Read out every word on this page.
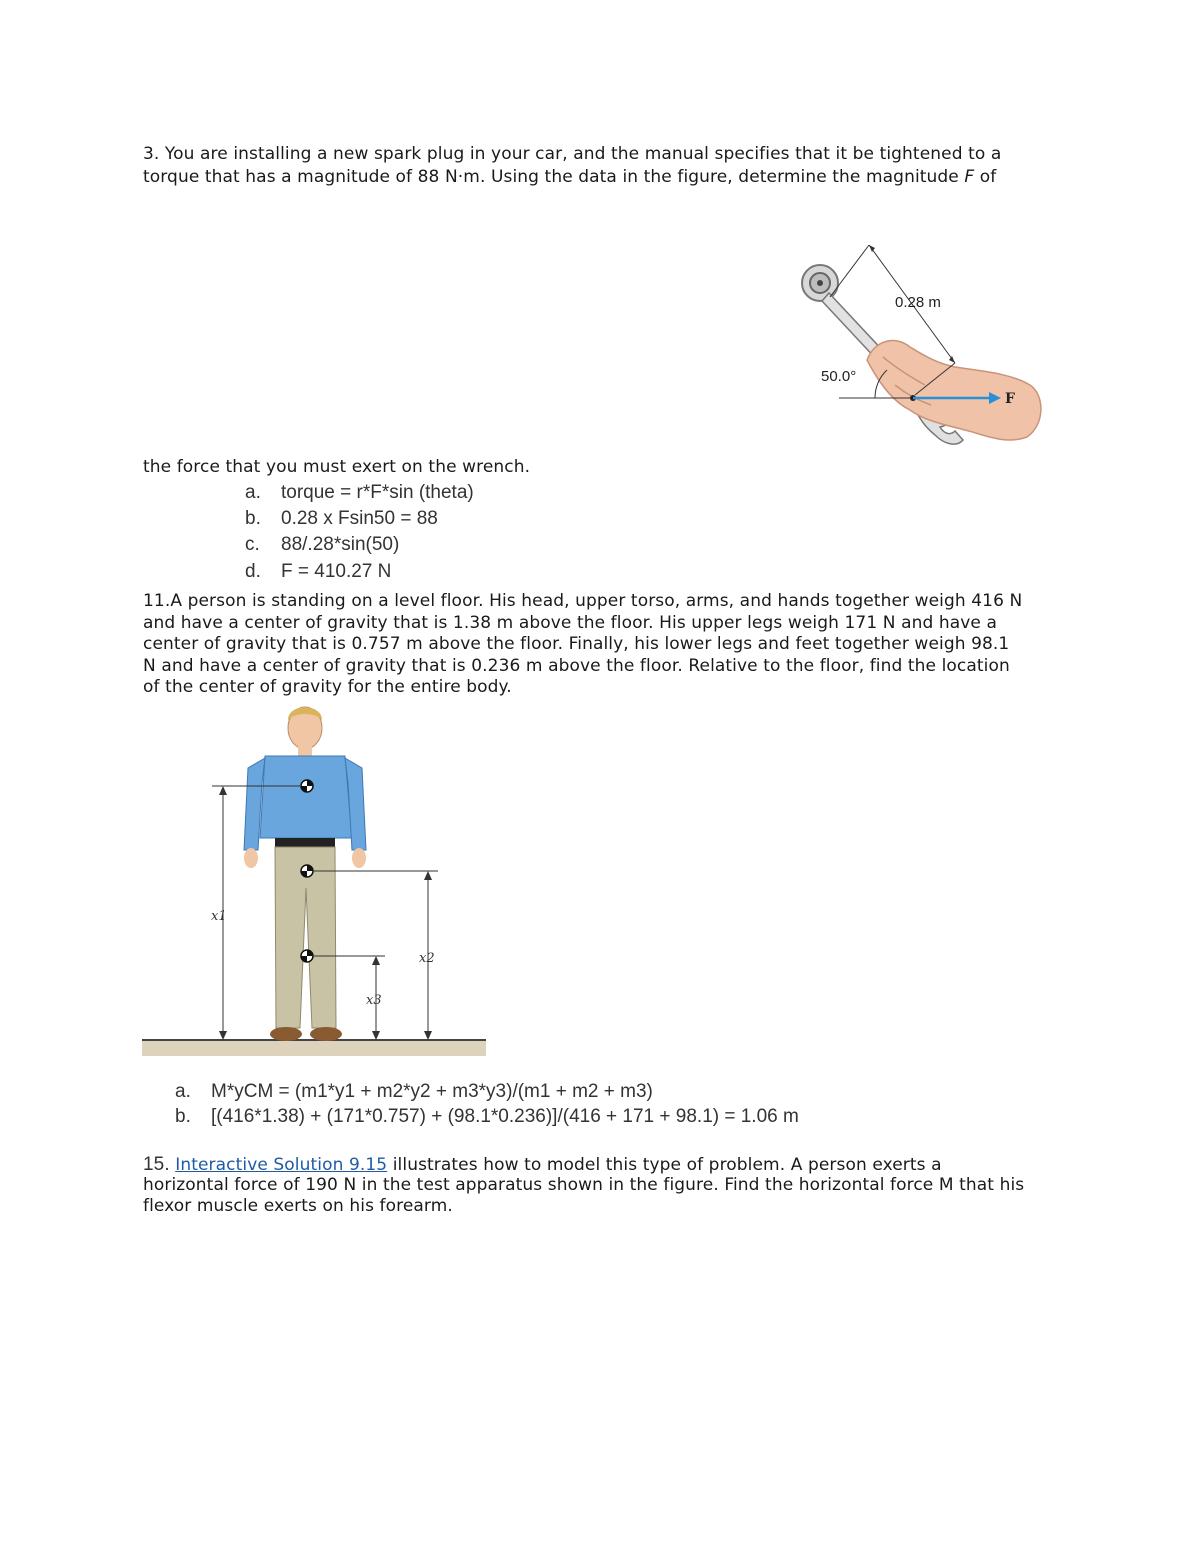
3. You are installing a new spark plug in your car, and the manual specifies that it be tightened to a
torque that has a magnitude of 88 N·m. Using the data in the figure, determine the magnitude F of
0.28 m
50.0°
F
the force that you must exert on the wrench.
a. torque = r*F*sin (theta)
b. 0.28 x Fsin50 = 88
c. 88/.28*sin(50)
d. F = 410.27 N
11.A person is standing on a level floor. His head, upper torso, arms, and hands together weigh 416 N
and have a center of gravity that is 1.38 m above the floor. His upper legs weigh 171 N and have a
center of gravity that is 0.757 m above the floor. Finally, his lower legs and feet together weigh 98.1
N and have a center of gravity that is 0.236 m above the floor. Relative to the floor, find the location
of the center of gravity for the entire body.
x1
x2
x3
a. M*yCM = (m1*y1 + m2*y2 + m3*y3)/(m1 + m2 + m3)
b. [(416*1.38) + (171*0.757) + (98.1*0.236)]/(416 + 171 + 98.1) = 1.06 m
15. Interactive Solution 9.15 illustrates how to model this type of problem. A person exerts a
horizontal force of 190 N in the test apparatus shown in the figure. Find the horizontal force M that his
flexor muscle exerts on his forearm.
